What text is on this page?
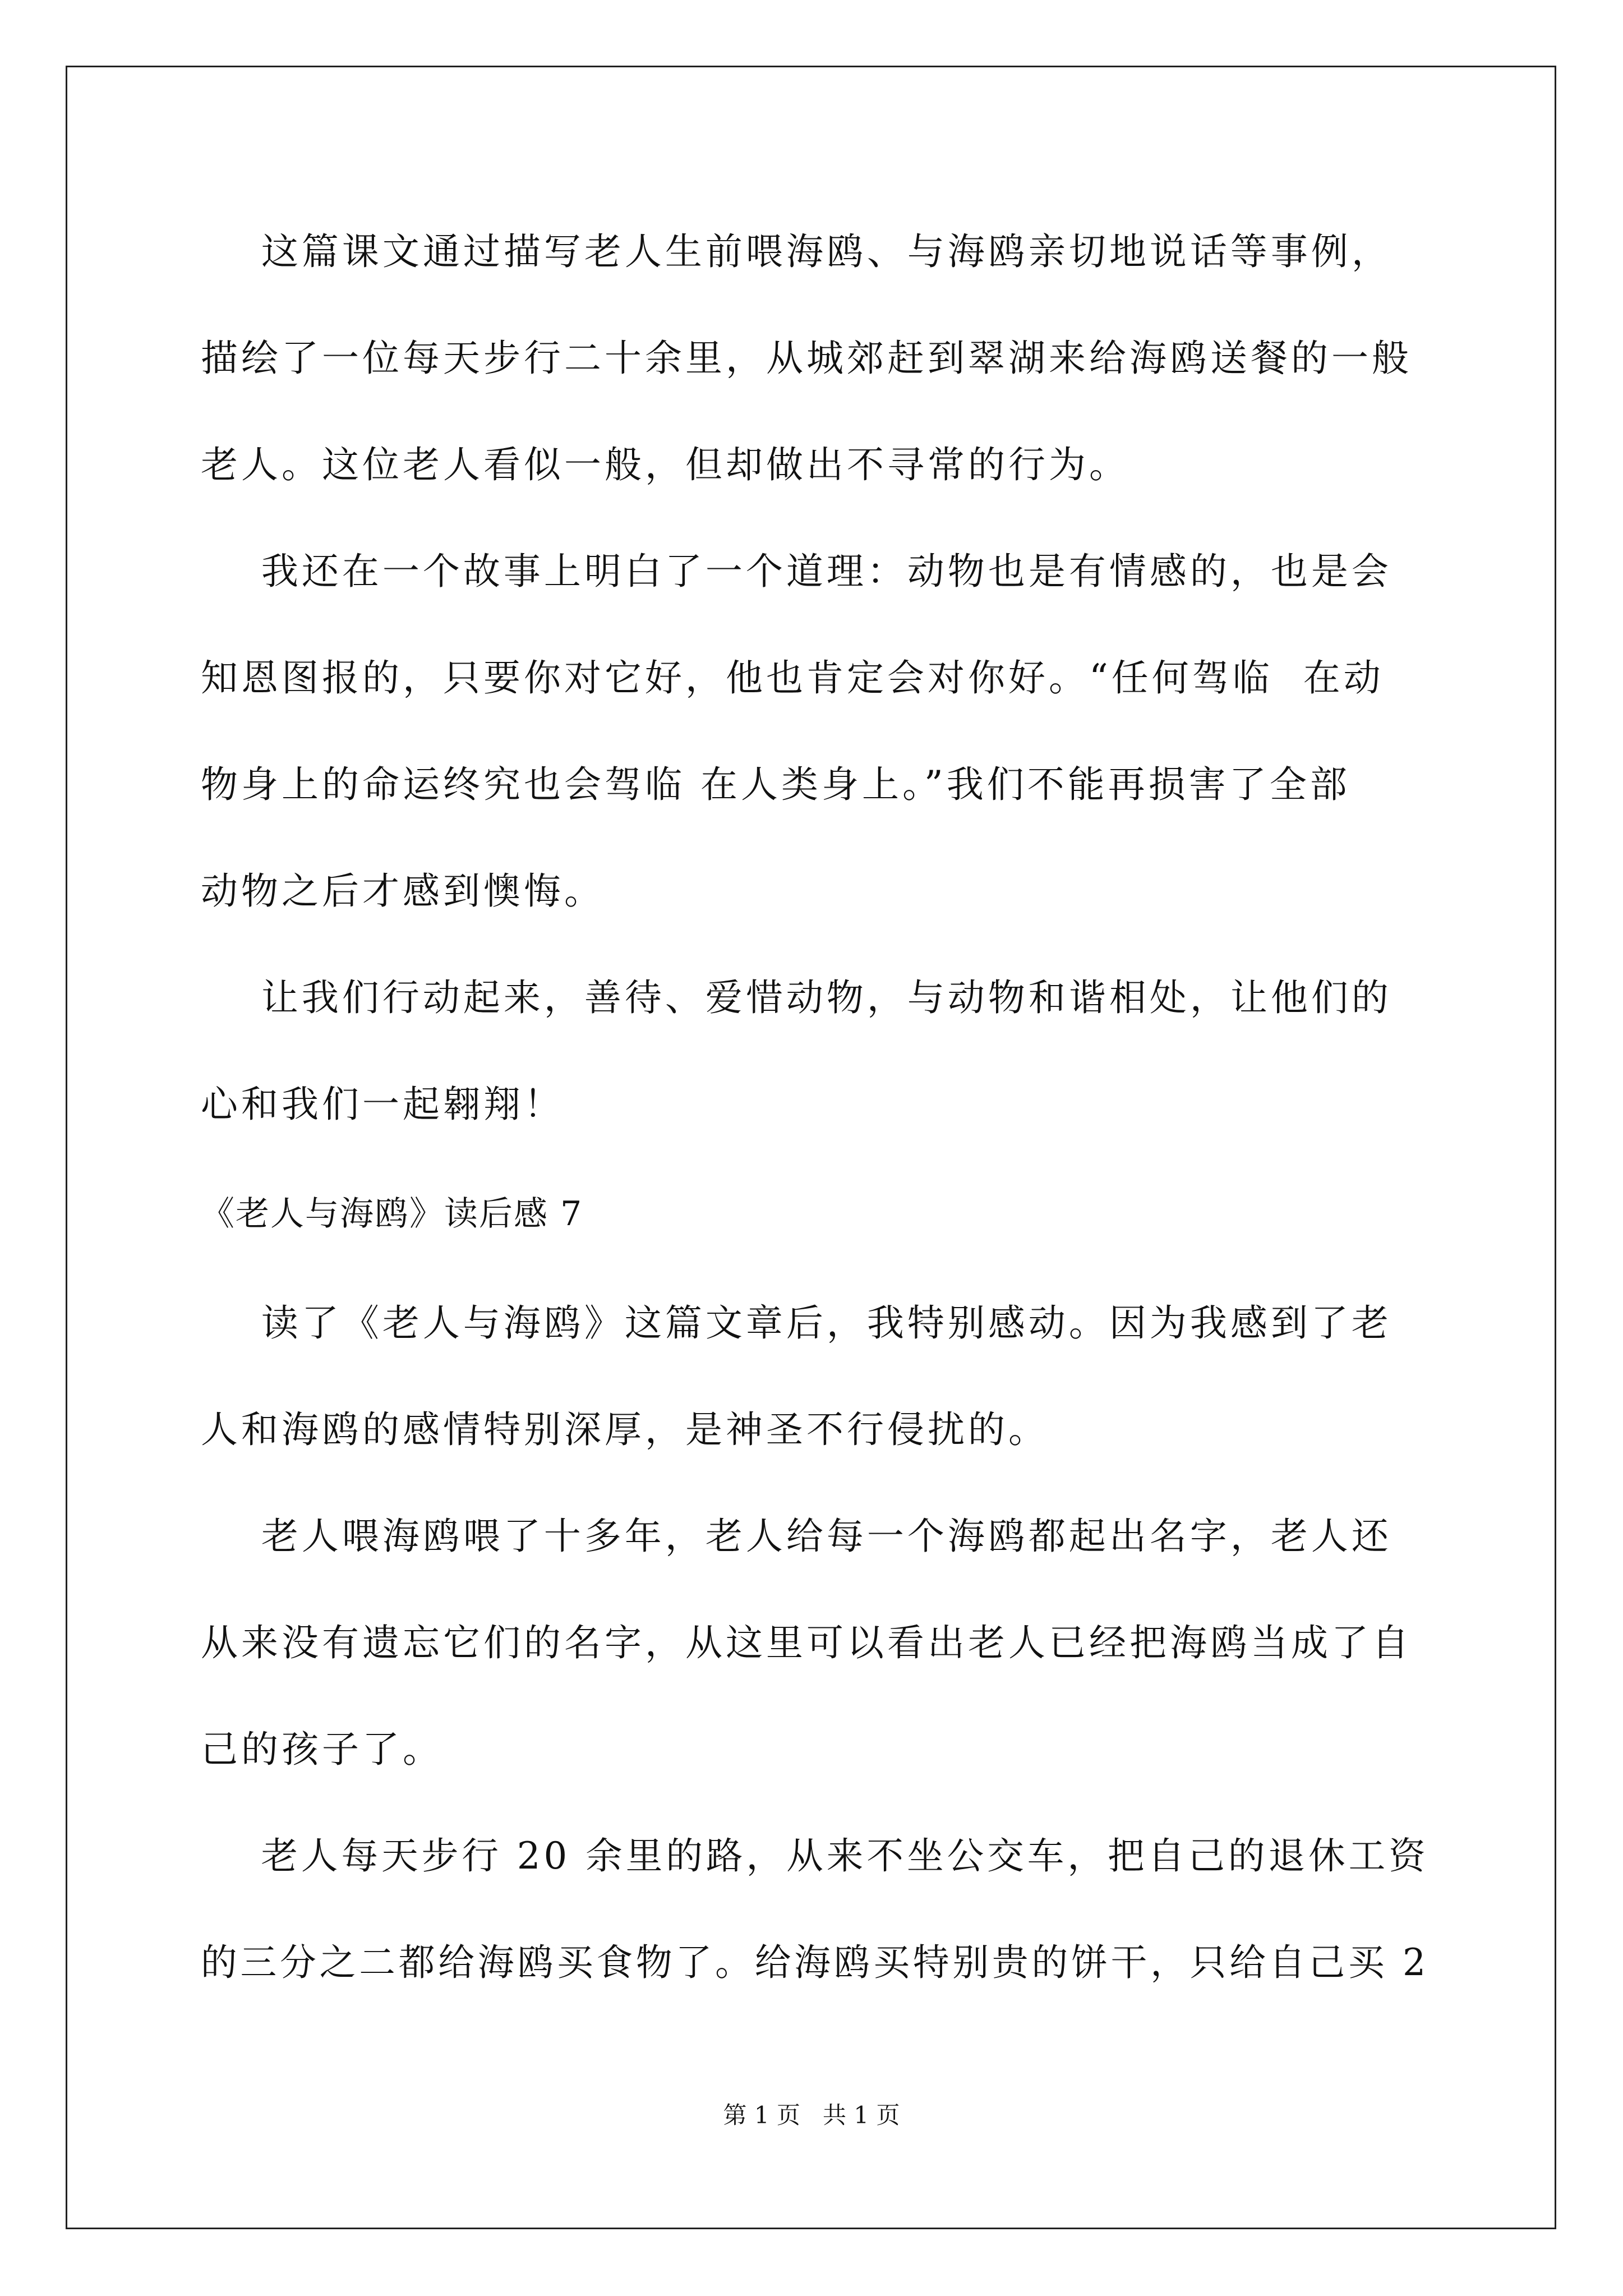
这篇课文通过描写老人生前喂海鸥、与海鸥亲切地说话等事例，
描绘了一位每天步行二十余里，从城郊赶到翠湖来给海鸥送餐的一般
老人。这位老人看似一般，但却做出不寻常的行为。
我还在一个故事上明白了一个道理：动物也是有情感的，也是会
知恩图报的，只要你对它好，他也肯定会对你好。“任何驾临  在动
物身上的命运终究也会驾临 在人类身上。”我们不能再损害了全部
动物之后才感到懊悔。
让我们行动起来，善待、爱惜动物，与动物和谐相处，让他们的
心和我们一起翱翔！
《老人与海鸥》读后感 7
读了《老人与海鸥》这篇文章后，我特别感动。因为我感到了老
人和海鸥的感情特别深厚，是神圣不行侵扰的。
老人喂海鸥喂了十多年，老人给每一个海鸥都起出名字，老人还
从来没有遗忘它们的名字，从这里可以看出老人已经把海鸥当成了自
己的孩子了。
老人每天步行 20 余里的路，从来不坐公交车，把自己的退休工资
的三分之二都给海鸥买食物了。给海鸥买特别贵的饼干，只给自己买 2
第 1 页   共 1 页
